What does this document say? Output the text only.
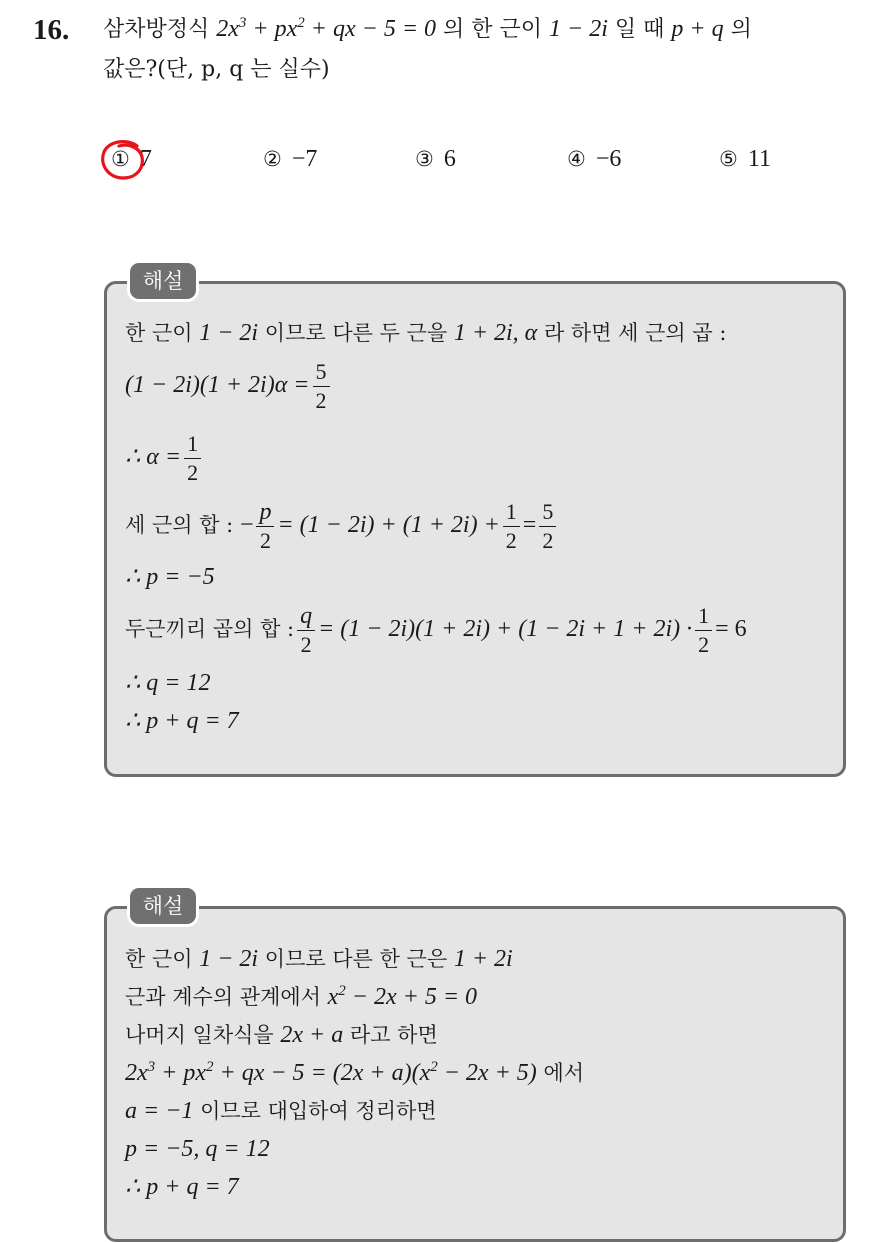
16. 삼차방정식 $2x^3 + px^2$ + qx − 5 = 0 의 한 근이 1 − 2i 일 때 p + q 의
값은?(단, p, q 는 실수)
① 7	② −7	③ 6	④ −6	⑤ 11
해설
한 근이 1 − 2i 이므로 다른 두 근을 1 + 2i, α 라 하면 세 근의 곱 :
$(1 - 2i)(1 + 2i)\alpha = \frac{5}{2}$
∴ $\alpha = \frac{1}{2}$
세 근의 합 : − $\frac{p}{2} = (1 - 2i) + (1 + 2i) + \frac{1}{2} = \frac{5}{2}$
∴ p = −5
두근끼리 곱의 합 : $\frac{q}{2} = (1 - 2i)(1 + 2i) + (1 - 2i + 1 + 2i) \cdot \frac{1}{2} = 6$
∴ q = 12
∴ p + q = 7
해설
한 근이 1 − 2i 이므로 다른 한 근은 1 + 2i
근과 계수의 관계에서 $x^2 - 2x + 5 = 0$
나머지 일차식을 2x + a 라고 하면
$2x^3 + px^2$ + qx − $5 = (2x + a)(x^2 - 2x + 5)$ 에서
a = −1 이므로 대입하여 정리하면
p = −5, q = 12
∴ p + q = 7
